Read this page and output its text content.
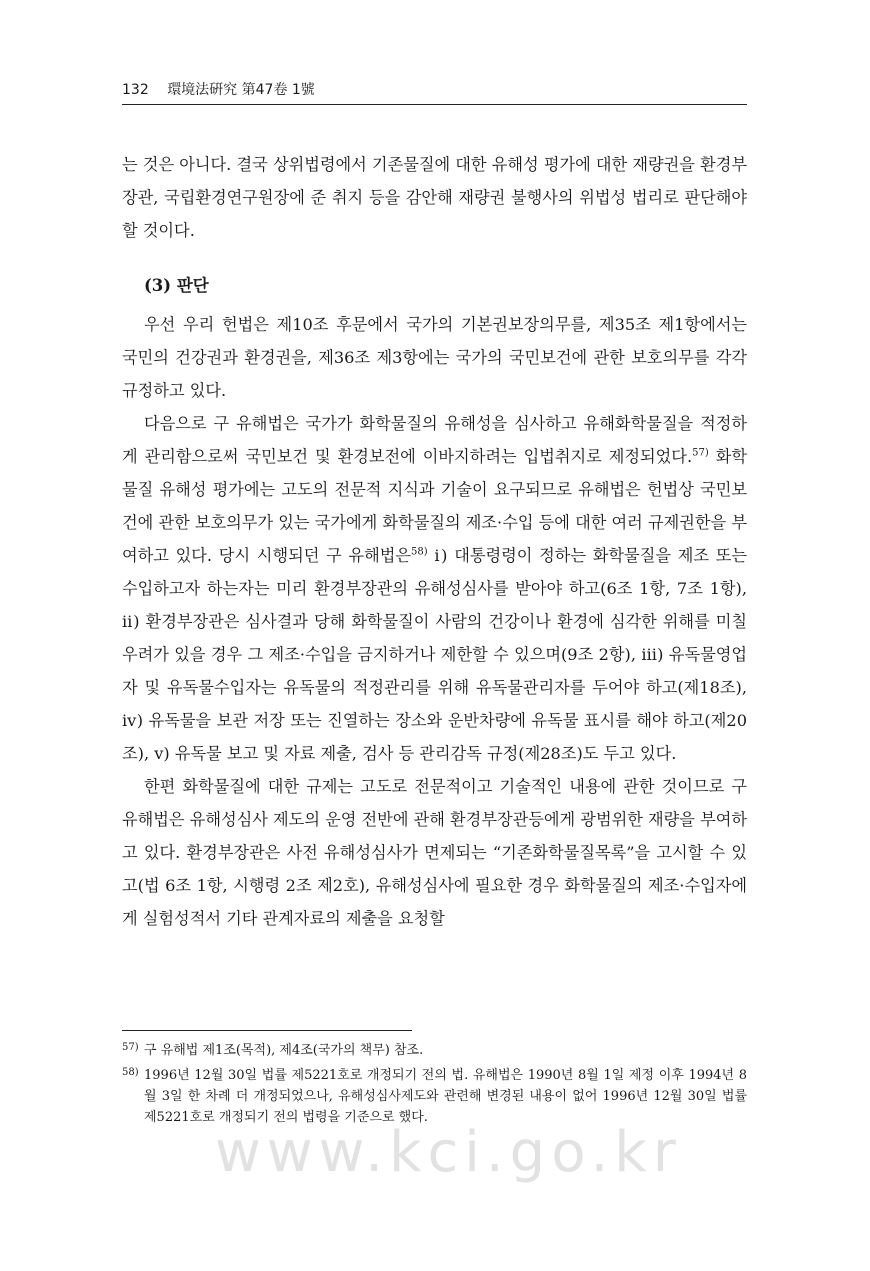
132 環境法硏究 第47卷 1號

는 것은 아니다. 결국 상위법령에서 기존물질에 대한 유해성 평가에 대한 재량권을 환경부장관, 국립환경연구원장에 준 취지 등을 감안해 재량권 불행사의 위법성 법리로 판단해야 할 것이다.

(3) 판단

우선 우리 헌법은 제10조 후문에서 국가의 기본권보장의무를, 제35조 제1항에서는 국민의 건강권과 환경권을, 제36조 제3항에는 국가의 국민보건에 관한 보호의무를 각각 규정하고 있다.

다음으로 구 유해법은 국가가 화학물질의 유해성을 심사하고 유해화학물질을 적정하게 관리함으로써 국민보건 및 환경보전에 이바지하려는 입법취지로 제정되었다.$^{57)}$ 화학물질 유해성 평가에는 고도의 전문적 지식과 기술이 요구되므로 유해법은 헌법상 국민보건에 관한 보호의무가 있는 국가에게 화학물질의 제조·수입 등에 대한 여러 규제권한을 부여하고 있다. 당시 시행되던 구 유해법은$^{58)}$ ⅰ) 대통령령이 정하는 화학물질을 제조 또는 수입하고자 하는자는 미리 환경부장관의 유해성심사를 받아야 하고(6조 1항, 7조 1항), ⅱ) 환경부장관은 심사결과 당해 화학물질이 사람의 건강이나 환경에 심각한 위해를 미칠 우려가 있을 경우 그 제조·수입을 금지하거나 제한할 수 있으며(9조 2항), ⅲ) 유독물영업자 및 유독물수입자는 유독물의 적정관리를 위해 유독물관리자를 두어야 하고(제18조), ⅳ) 유독물을 보관 저장 또는 진열하는 장소와 운반차량에 유독물 표시를 해야 하고(제20조), ⅴ) 유독물 보고 및 자료 제출, 검사 등 관리감독 규정(제28조)도 두고 있다.

한편 화학물질에 대한 규제는 고도로 전문적이고 기술적인 내용에 관한 것이므로 구 유해법은 유해성심사 제도의 운영 전반에 관해 환경부장관등에게 광범위한 재량을 부여하고 있다. 환경부장관은 사전 유해성심사가 면제되는 “기존화학물질목록”을 고시할 수 있고(법 6조 1항, 시행령 2조 제2호), 유해성심사에 필요한 경우 화학물질의 제조·수입자에게 실험성적서 기타 관계자료의 제출을 요청할

57) 구 유해법 제1조(목적), 제4조(국가의 책무) 참조.
58) 1996년 12월 30일 법률 제5221호로 개정되기 전의 법. 유해법은 1990년 8월 1일 제정 이후 1994년 8월 3일 한 차례 더 개정되었으나, 유해성심사제도와 관련해 변경된 내용이 없어 1996년 12월 30일 법률 제5221호로 개정되기 전의 법령을 기준으로 했다.
www.kci.go.kr
